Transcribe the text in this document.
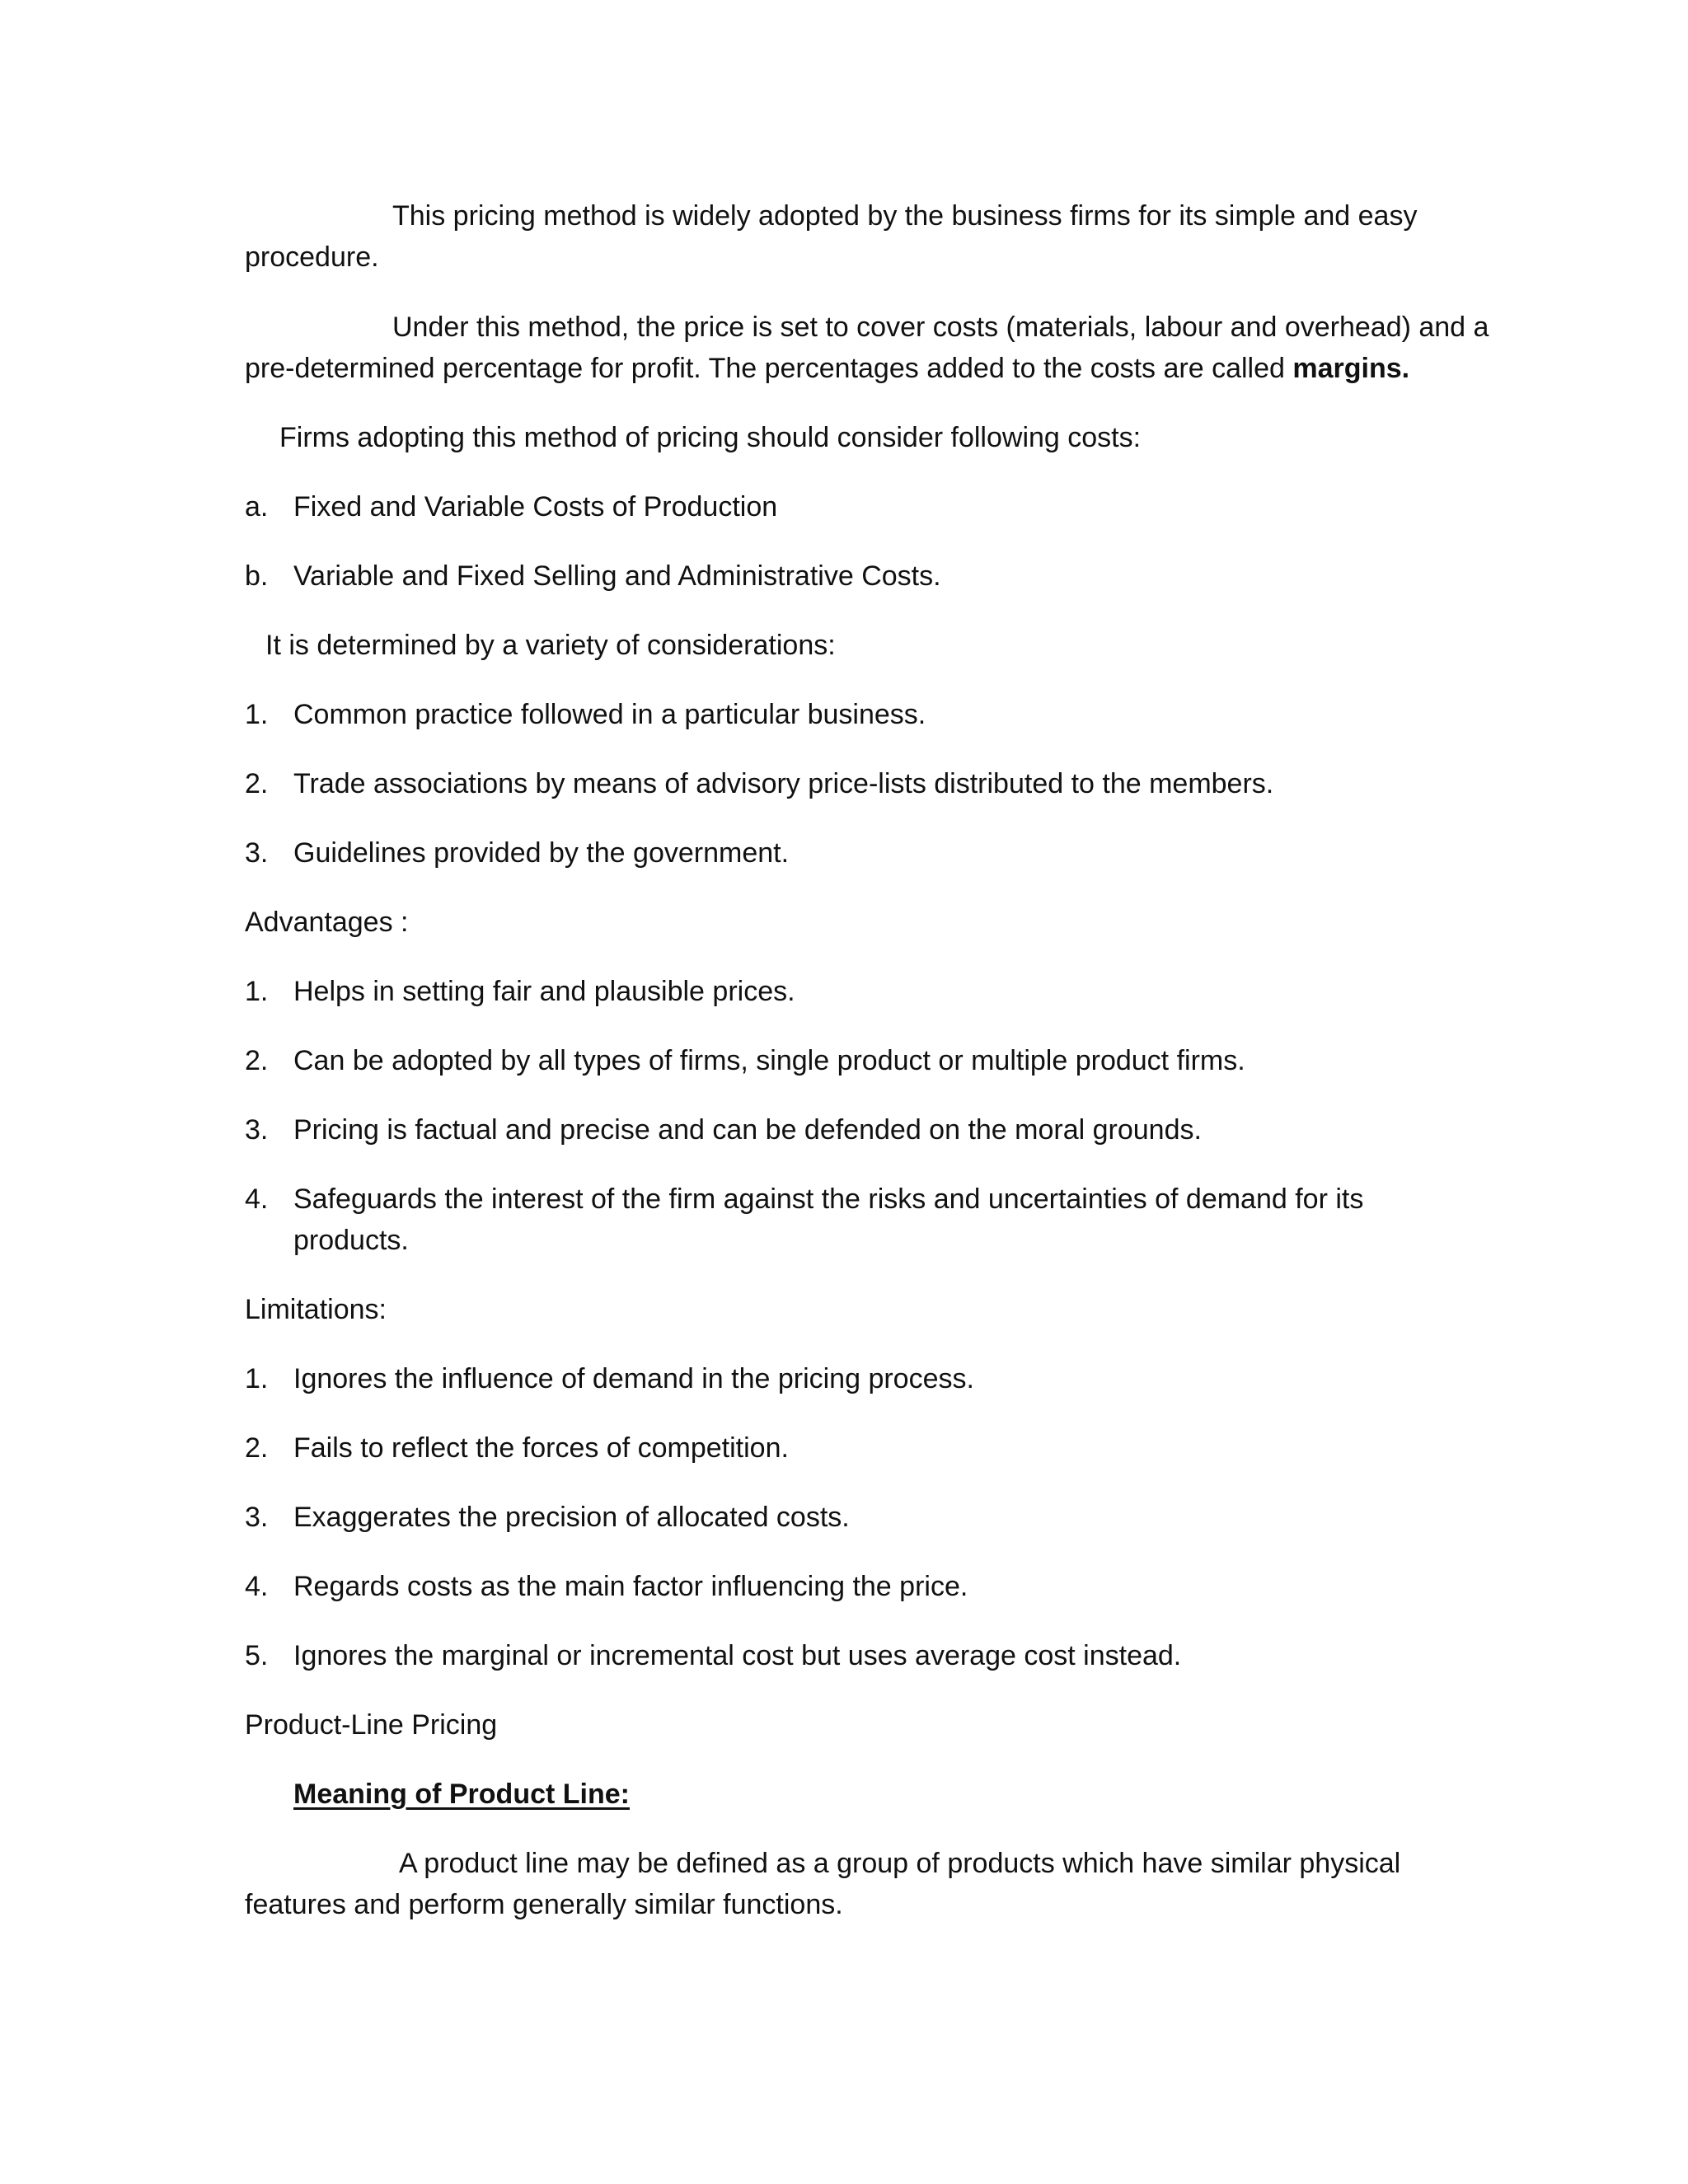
This pricing method is widely adopted by the business firms for its simple and easy
procedure.
Under this method, the price is set to cover costs (materials, labour and overhead) and a
pre-determined percentage for profit. The percentages added to the costs are called margins.
Firms adopting this method of pricing should consider following costs:
a. Fixed and Variable Costs of Production
b. Variable and Fixed Selling and Administrative Costs.
It is determined by a variety of considerations:
1. Common practice followed in a particular business.
2. Trade associations by means of advisory price-lists distributed to the members.
3. Guidelines provided by the government.
Advantages :
1. Helps in setting fair and plausible prices.
2. Can be adopted by all types of firms, single product or multiple product firms.
3. Pricing is factual and precise and can be defended on the moral grounds.
4. Safeguards the interest of the firm against the risks and uncertainties of demand for its
products.
Limitations:
1. Ignores the influence of demand in the pricing process.
2. Fails to reflect the forces of competition.
3. Exaggerates the precision of allocated costs.
4. Regards costs as the main factor influencing the price.
5. Ignores the marginal or incremental cost but uses average cost instead.
Product-Line Pricing
Meaning of Product Line:
A product line may be defined as a group of products which have similar physical
features and perform generally similar functions.
